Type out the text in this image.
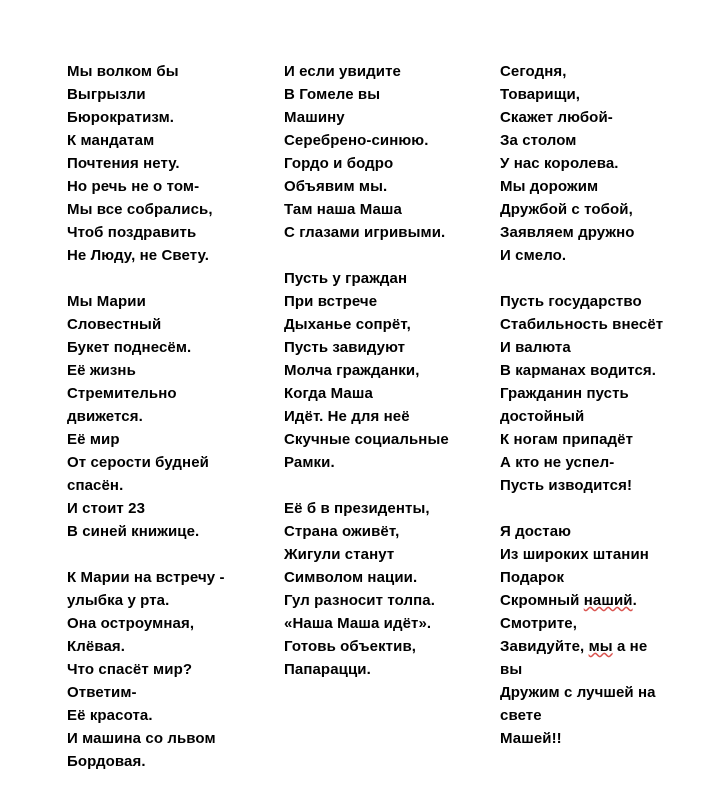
Мы волком бы
Выгрызли
Бюрократизм.
К мандатам
Почтения нету.
Но речь не о том-
Мы все собрались,
Чтоб поздравить
Не Люду, не Свету.
Мы Марии
Словестный
Букет поднесём.
Её жизнь
Стремительно
движется.
Её мир
От серости будней
спасён.
И стоит 23
В синей книжице.
К Марии на встречу -
улыбка у рта.
Она остроумная,
Клёвая.
Что спасёт мир?
Ответим-
Её красота.
И машина со львом
Бордовая.
И если увидите
В Гомеле вы
Машину
Серебрено-синюю.
Гордо и бодро
Объявим мы.
Там наша Маша
С глазами игривыми.
Пусть у граждан
При встрече
Дыханье сопрёт,
Пусть завидуют
Молча гражданки,
Когда Маша
Идёт. Не для неё
Скучные социальные
Рамки.
Её б в президенты,
Страна оживёт,
Жигули станут
Символом нации.
Гул разносит толпа.
«Наша Маша идёт».
Готовь объектив,
Папарацци.
Сегодня,
Товарищи,
Скажет любой-
За столом
У нас королева.
Мы дорожим
Дружбой с тобой,
Заявляем дружно
И смело.
Пусть государство
Стабильность внесёт
И валюта
В карманах водится.
Гражданин пусть
достойный
К ногам припадёт
А кто не успел-
Пусть изводится!
Я достаю
Из широких штанин
Подарок
Скромный наший.
Смотрите,
Завидуйте, мы а не
вы
Дружим с лучшей на
свете
Машей!!
